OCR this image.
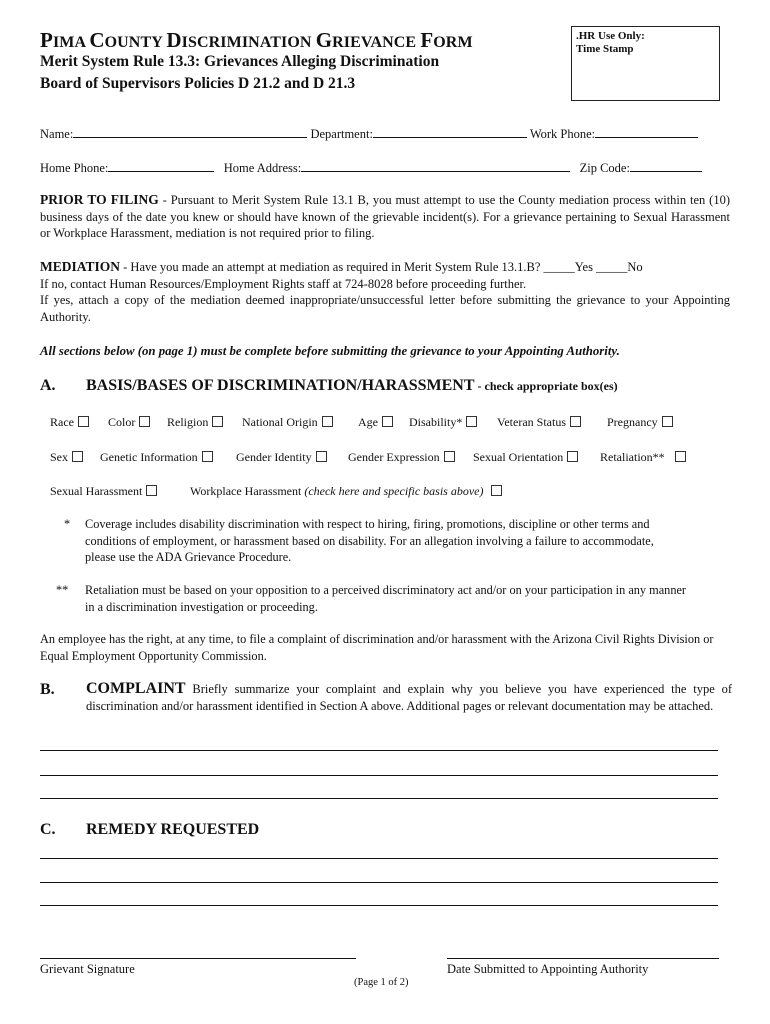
PIMA COUNTY DISCRIMINATION GRIEVANCE FORM
Merit System Rule 13.3: Grievances Alleging Discrimination
Board of Supervisors Policies D 21.2 and D 21.3
.HR Use Only:
Time Stamp
Name:	Department:	Work Phone:
Home Phone:	Home Address:	Zip Code:
PRIOR TO FILING - Pursuant to Merit System Rule 13.1 B, you must attempt to use the County mediation process within ten (10) business days of the date you knew or should have known of the grievable incident(s). For a grievance pertaining to Sexual Harassment or Workplace Harassment, mediation is not required prior to filing.
MEDIATION - Have you made an attempt at mediation as required in Merit System Rule 13.1.B? _____Yes _____No
If no, contact Human Resources/Employment Rights staff at 724-8028 before proceeding further.
If yes, attach a copy of the mediation deemed inappropriate/unsuccessful letter before submitting the grievance to your Appointing Authority.
All sections below (on page 1) must be complete before submitting the grievance to your Appointing Authority.
A. BASIS/BASES OF DISCRIMINATION/HARASSMENT - check appropriate box(es)
Race	Color	Religion	National Origin	Age	Disability*	Veteran Status	Pregnancy
Sex	Genetic Information	Gender Identity	Gender Expression	Sexual Orientation	Retaliation**
Sexual Harassment	Workplace Harassment (check here and specific basis above)
* Coverage includes disability discrimination with respect to hiring, firing, promotions, discipline or other terms and conditions of employment, or harassment based on disability. For an allegation involving a failure to accommodate, please use the ADA Grievance Procedure.
** Retaliation must be based on your opposition to a perceived discriminatory act and/or on your participation in any manner in a discrimination investigation or proceeding.
An employee has the right, at any time, to file a complaint of discrimination and/or harassment with the Arizona Civil Rights Division or Equal Employment Opportunity Commission.
B. COMPLAINT Briefly summarize your complaint and explain why you believe you have experienced the type of discrimination and/or harassment identified in Section A above. Additional pages or relevant documentation may be attached.
C. REMEDY REQUESTED
Grievant Signature	Date Submitted to Appointing Authority
(Page 1 of 2)
